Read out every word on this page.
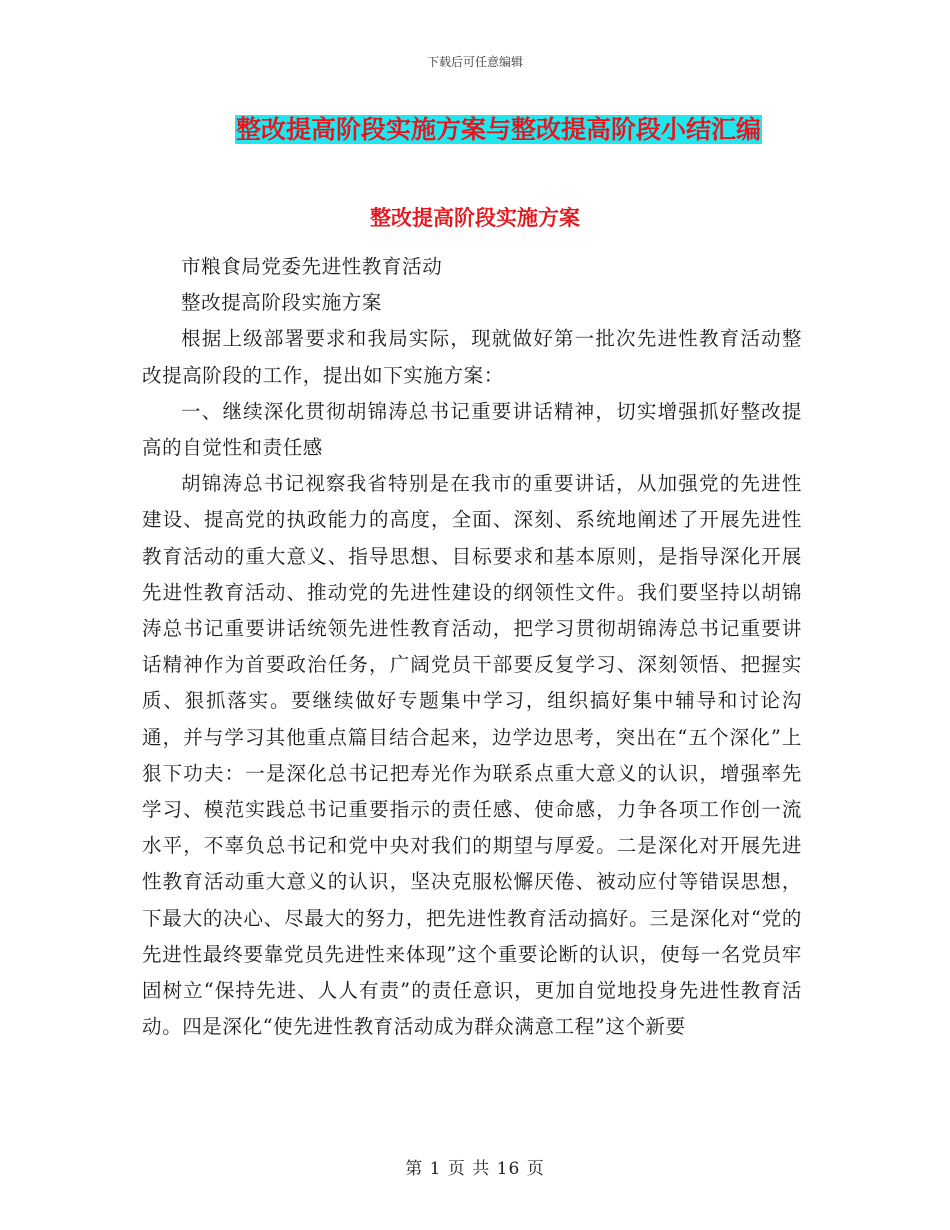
下载后可任意编辑
整改提高阶段实施方案与整改提高阶段小结汇编
整改提高阶段实施方案

市粮食局党委先进性教育活动

整改提高阶段实施方案

根据上级部署要求和我局实际，现就做好第一批次先进性教育活动整改提高阶段的工作，提出如下实施方案：

一、继续深化贯彻胡锦涛总书记重要讲话精神，切实增强抓好整改提高的自觉性和责任感

胡锦涛总书记视察我省特别是在我市的重要讲话，从加强党的先进性建设、提高党的执政能力的高度，全面、深刻、系统地阐述了开展先进性教育活动的重大意义、指导思想、目标要求和基本原则，是指导深化开展先进性教育活动、推动党的先进性建设的纲领性文件。我们要坚持以胡锦涛总书记重要讲话统领先进性教育活动，把学习贯彻胡锦涛总书记重要讲话精神作为首要政治任务，广阔党员干部要反复学习、深刻领悟、把握实质、狠抓落实。要继续做好专题集中学习，组织搞好集中辅导和讨论沟通，并与学习其他重点篇目结合起来，边学边思考，突出在“五个深化”上狠下功夫：一是深化总书记把寿光作为联系点重大意义的认识，增强率先学习、模范实践总书记重要指示的责任感、使命感，力争各项工作创一流水平，不辜负总书记和党中央对我们的期望与厚爱。二是深化对开展先进性教育活动重大意义的认识，坚决克服松懈厌倦、被动应付等错误思想，下最大的决心、尽最大的努力，把先进性教育活动搞好。三是深化对“党的先进性最终要靠党员先进性来体现”这个重要论断的认识，使每一名党员牢固树立“保持先进、人人有责”的责任意识，更加自觉地投身先进性教育活动。四是深化“使先进性教育活动成为群众满意工程”这个新要

第 1 页 共 16 页
